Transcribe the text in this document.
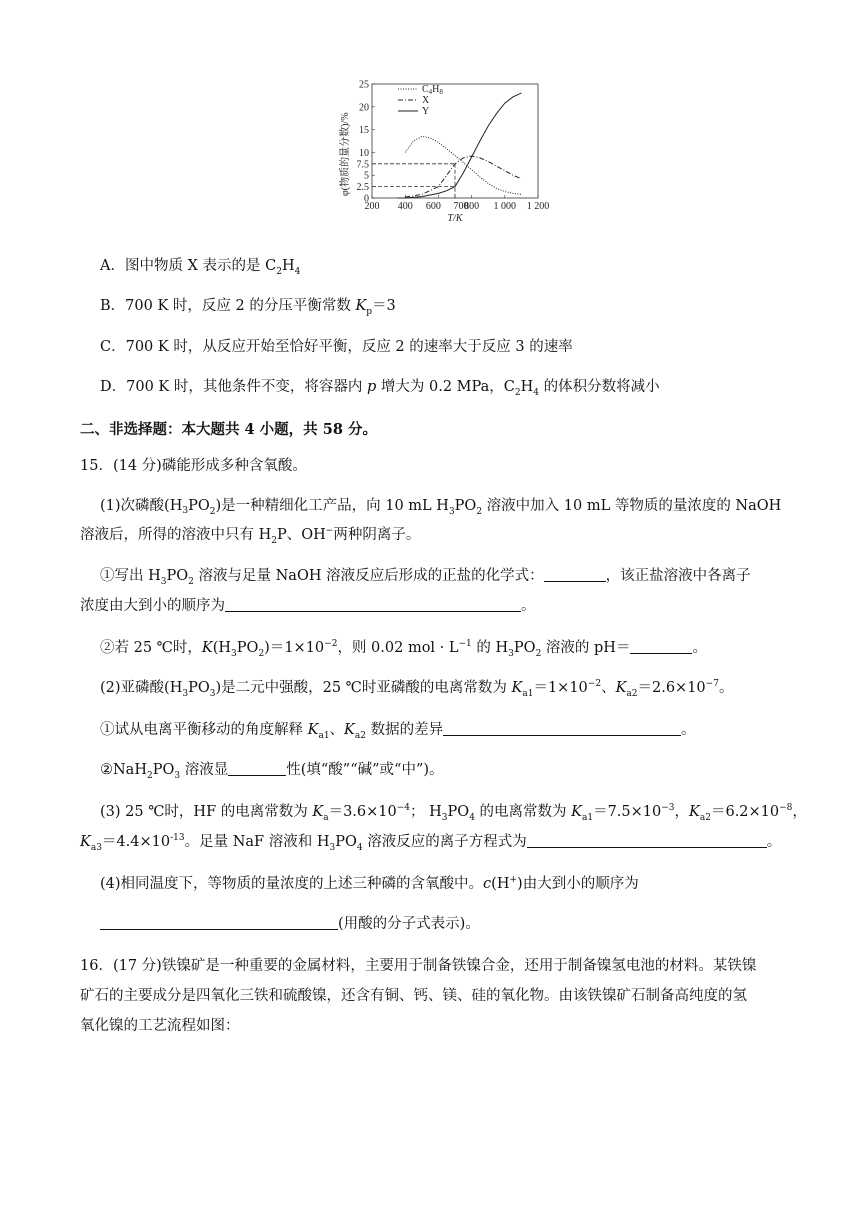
200 400 600 700
800 1 000 1 200
T/K
0
2.5
5
7.5
10
15
20
25	$C_4H_8$
X
Y
φ(物质的量分数)/%
A．图中物质 X 表示的是 $C_2H_4$
B．700 K 时，反应 2 的分压平衡常数 $K_p=3$
C．700 K 时，从反应开始至恰好平衡，反应 2 的速率大于反应 3 的速率
D．700 K 时，其他条件不变，将容器内 p 增大为 0.2 MPa，$C_2H_4$ 的体积分数将减小
二、非选择题：本大题共 4 小题，共 58 分。
15．(14 分)磷能形成多种含氧酸。
(1)次磷酸$(H_3PO_2)$是一种精细化工产品，向 10 mL $H_3PO_2$ 溶液中加入 10 mL 等物质的量浓度的 NaOH
溶液后，所得的溶液中只有 $H_2P$、OH−两种阴离子。
①写出 $H_3PO_2$ 溶液与足量 NaOH 溶液反应后形成的正盐的化学式：	，该正盐溶液中各离子
浓度由大到小的顺序为	。
②若 25 ℃时，$K(H_3PO_2)=1\times 10^{-2}$，则 0.02 mol · $L^{-1}$ 的 $H_3PO_2$ 溶液的 pH＝	。
(2)亚磷酸$(H_3PO_3)$是二元中强酸，25 ℃时亚磷酸的电离常数为 $K_{a1}=1\times 10^{-2}$、$K_{a2}=2.6\times 10^{-7}$。
①试从电离平衡移动的角度解释 $K_{a1}$、$K_{a2}$ 数据的差异	。
$②NaH_2PO_3$ 溶液显	性(填“酸”“碱”或“中”)。
(3) 25 ℃时，HF 的电离常数为 $K_a=3.6\times 10^{-4}$； $H_3PO_4$ 的电离常数为 $K_{a1}=7.5\times 10^{-3}$，$K_{a2}=6.2\times 10^{-8}$，
$K_{a3}=4.4\times 10^{-13}$。足量 NaF 溶液和 $H_3PO_4$ 溶液反应的离子方程式为	。
(4)相同温度下，等物质的量浓度的上述三种磷的含氧酸中。c(H+)由大到小的顺序为
(用酸的分子式表示)。
16．(17 分)铁镍矿是一种重要的金属材料，主要用于制备铁镍合金，还用于制备镍氢电池的材料。某铁镍
矿石的主要成分是四氧化三铁和硫酸镍，还含有铜、钙、镁、硅的氧化物。由该铁镍矿石制备高纯度的氢
氧化镍的工艺流程如图：
